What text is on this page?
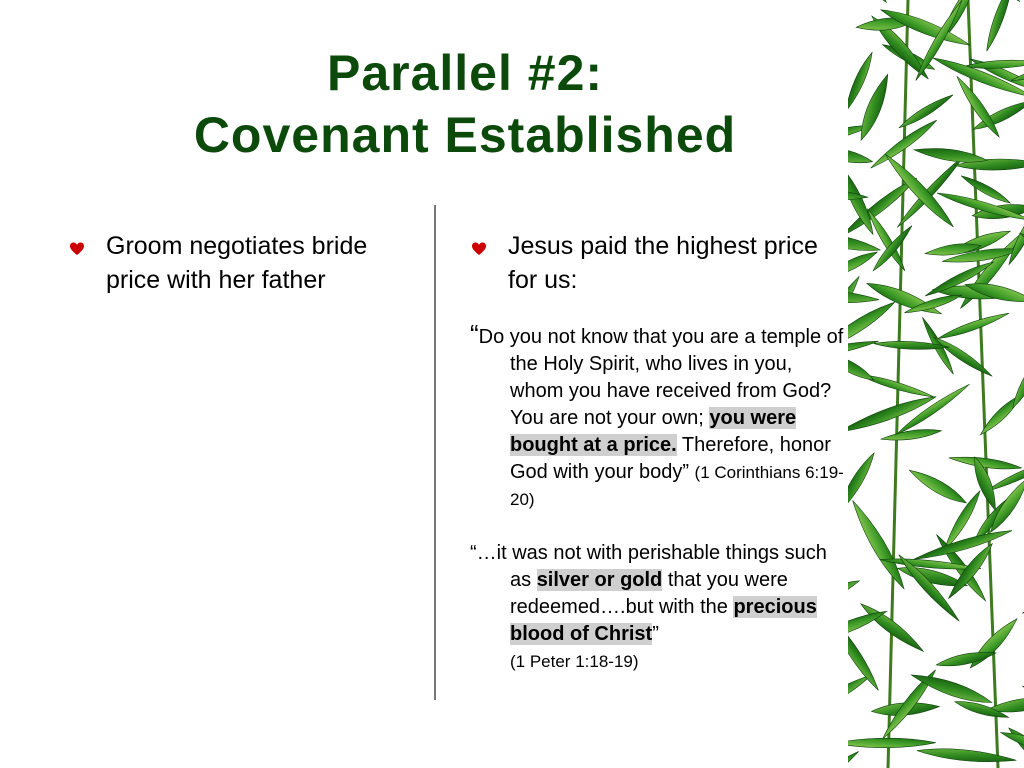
Parallel #2:
Covenant Established
Groom negotiates bride price with her father
Jesus paid the highest price for us:
“Do you not know that you are a temple of the Holy Spirit, who lives in you, whom you have received from God? You are not your own; you were bought at a price. Therefore, honor God with your body” (1 Corinthians 6:19-20)
“…it was not with perishable things such as silver or gold that you were redeemed….but with the precious blood of Christ”
(1 Peter 1:18-19)
